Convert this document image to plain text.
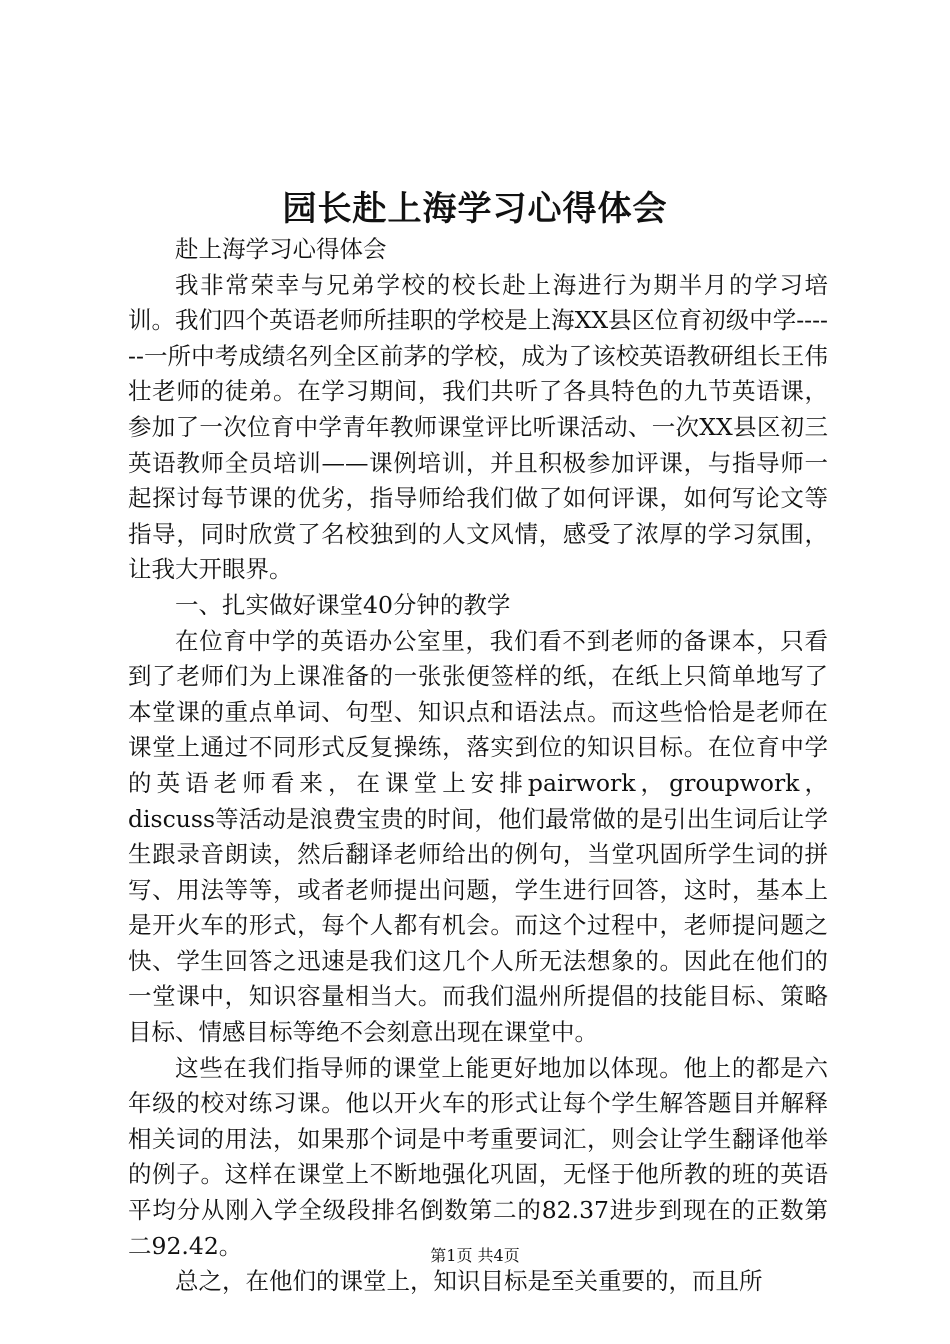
园长赴上海学习心得体会

赴上海学习心得体会

我非常荣幸与兄弟学校的校长赴上海进行为期半月的学习培训。我们四个英语老师所挂职的学校是上海XX县区位育初级中学------一所中考成绩名列全区前茅的学校，成为了该校英语教研组长王伟壮老师的徒弟。在学习期间，我们共听了各具特色的九节英语课，参加了一次位育中学青年教师课堂评比听课活动、一次XX县区初三英语教师全员培训——课例培训，并且积极参加评课，与指导师一起探讨每节课的优劣，指导师给我们做了如何评课，如何写论文等指导，同时欣赏了名校独到的人文风情，感受了浓厚的学习氛围，让我大开眼界。

一、扎实做好课堂40分钟的教学

在位育中学的英语办公室里，我们看不到老师的备课本，只看到了老师们为上课准备的一张张便签样的纸，在纸上只简单地写了本堂课的重点单词、句型、知识点和语法点。而这些恰恰是老师在课堂上通过不同形式反复操练，落实到位的知识目标。在位育中学的英语老师看来，在课堂上安排pairwork，groupwork，discuss等活动是浪费宝贵的时间，他们最常做的是引出生词后让学生跟录音朗读，然后翻译老师给出的例句，当堂巩固所学生词的拼写、用法等等，或者老师提出问题，学生进行回答，这时，基本上是开火车的形式，每个人都有机会。而这个过程中，老师提问题之快、学生回答之迅速是我们这几个人所无法想象的。因此在他们的一堂课中，知识容量相当大。而我们温州所提倡的技能目标、策略目标、情感目标等绝不会刻意出现在课堂中。

这些在我们指导师的课堂上能更好地加以体现。他上的都是六年级的校对练习课。他以开火车的形式让每个学生解答题目并解释相关词的用法，如果那个词是中考重要词汇，则会让学生翻译他举的例子。这样在课堂上不断地强化巩固，无怪于他所教的班的英语平均分从刚入学全级段排名倒数第二的82.37进步到现在的正数第二92.42。

总之，在他们的课堂上，知识目标是至关重要的，而且所

第1页 共4页
